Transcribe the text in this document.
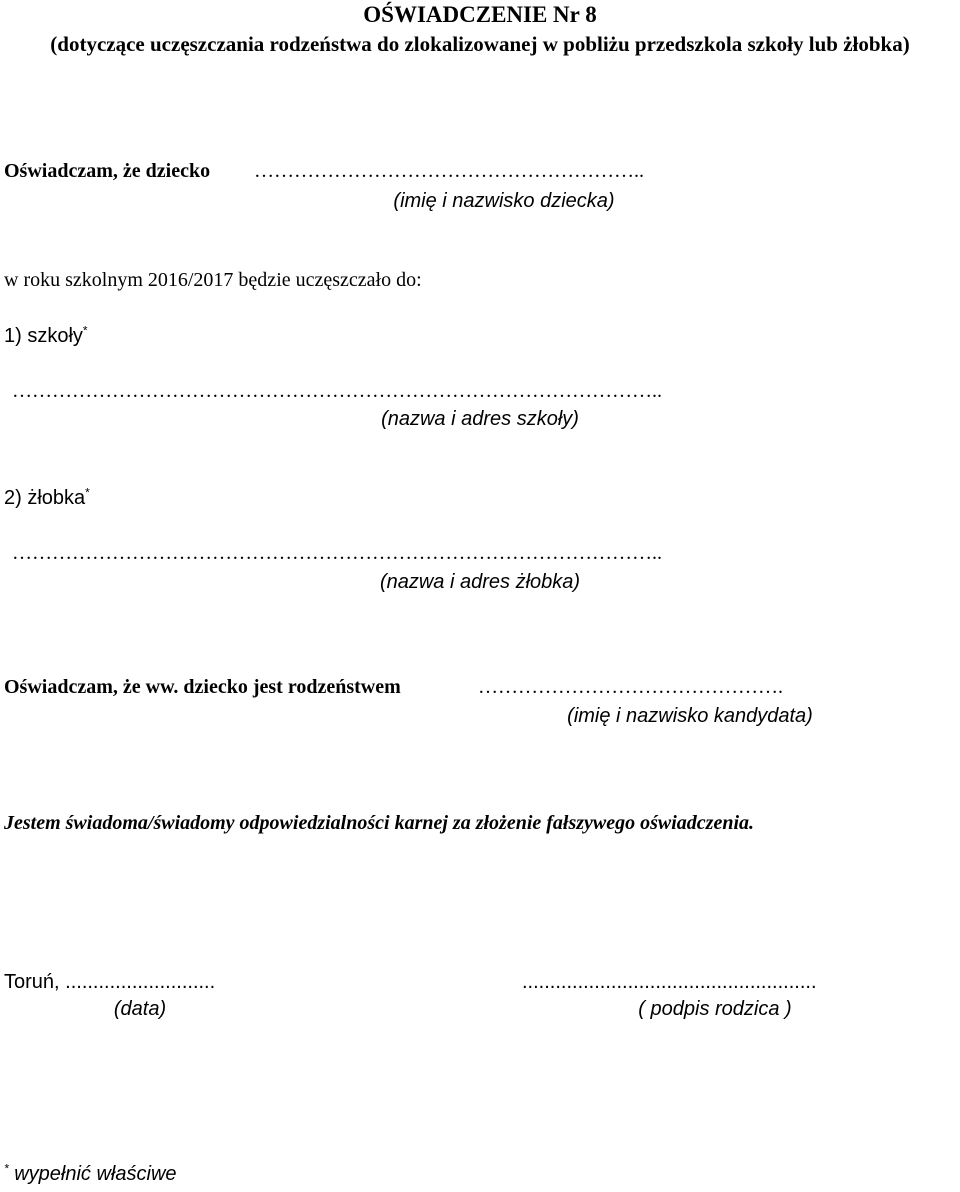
OŚWIADCZENIE Nr 8
(dotyczące uczęszczania rodzeństwa do zlokalizowanej w pobliżu przedszkola szkoły lub żłobka)
Oświadczam, że dziecko …………………………………………………..
(imię i nazwisko dziecka)
w roku szkolnym 2016/2017 będzie uczęszczało do:
1) szkoły*
……………………………………………………………………………………..
(nazwa i adres szkoły)
2) żłobka*
……………………………………………………………………………………..
(nazwa i adres żłobka)
Oświadczam, że ww. dziecko jest rodzeństwem	……………………………………….
(imię i nazwisko kandydata)
Jestem świadoma/świadomy odpowiedzialności karnej za złożenie fałszywego oświadczenia.
Toruń, ...........................
(data)
.....................................................
( podpis rodzica )
* wypełnić właściwe
